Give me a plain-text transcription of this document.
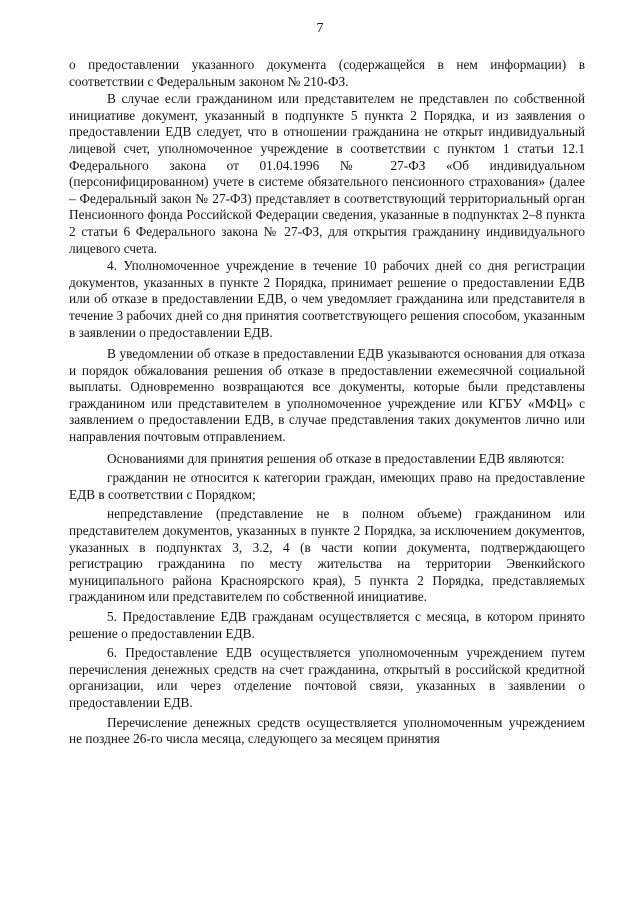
7

о предоставлении указанного документа (содержащейся в нем информации) в соответствии с Федеральным законом № 210-ФЗ.

В случае если гражданином или представителем не представлен по собственной инициативе документ, указанный в подпункте 5 пункта 2 Порядка, и из заявления о предоставлении ЕДВ следует, что в отношении гражданина не открыт индивидуальный лицевой счет, уполномоченное учреждение в соответствии с пунктом 1 статьи 12.1 Федерального закона от 01.04.1996 № 27-ФЗ «Об индивидуальном (персонифицированном) учете в системе обязательного пенсионного страхования» (далее – Федеральный закон № 27-ФЗ) представляет в соответствующий территориальный орган Пенсионного фонда Российской Федерации сведения, указанные в подпунктах 2–8 пункта 2 статьи 6 Федерального закона № 27-ФЗ, для открытия гражданину индивидуального лицевого счета.

4. Уполномоченное учреждение в течение 10 рабочих дней со дня регистрации документов, указанных в пункте 2 Порядка, принимает решение о предоставлении ЕДВ или об отказе в предоставлении ЕДВ, о чем уведомляет гражданина или представителя в течение 3 рабочих дней со дня принятия соответствующего решения способом, указанным в заявлении о предоставлении ЕДВ.

В уведомлении об отказе в предоставлении ЕДВ указываются основания для отказа и порядок обжалования решения об отказе в предоставлении ежемесячной социальной выплаты. Одновременно возвращаются все документы, которые были представлены гражданином или представителем в уполномоченное учреждение или КГБУ «МФЦ» с заявлением о предоставлении ЕДВ, в случае представления таких документов лично или направления почтовым отправлением.

Основаниями для принятия решения об отказе в предоставлении ЕДВ являются:

гражданин не относится к категории граждан, имеющих право на предоставление ЕДВ в соответствии с Порядком;

непредставление (представление не в полном объеме) гражданином или представителем документов, указанных в пункте 2 Порядка, за исключением документов, указанных в подпунктах 3, 3.2, 4 (в части копии документа, подтверждающего регистрацию гражданина по месту жительства на территории Эвенкийского муниципального района Красноярского края), 5 пункта 2 Порядка, представляемых гражданином или представителем по собственной инициативе.

5. Предоставление ЕДВ гражданам осуществляется с месяца, в котором принято решение о предоставлении ЕДВ.

6. Предоставление ЕДВ осуществляется уполномоченным учреждением путем перечисления денежных средств на счет гражданина, открытый в российской кредитной организации, или через отделение почтовой связи, указанных в заявлении о предоставлении ЕДВ.

Перечисление денежных средств осуществляется уполномоченным учреждением не позднее 26-го числа месяца, следующего за месяцем принятия
